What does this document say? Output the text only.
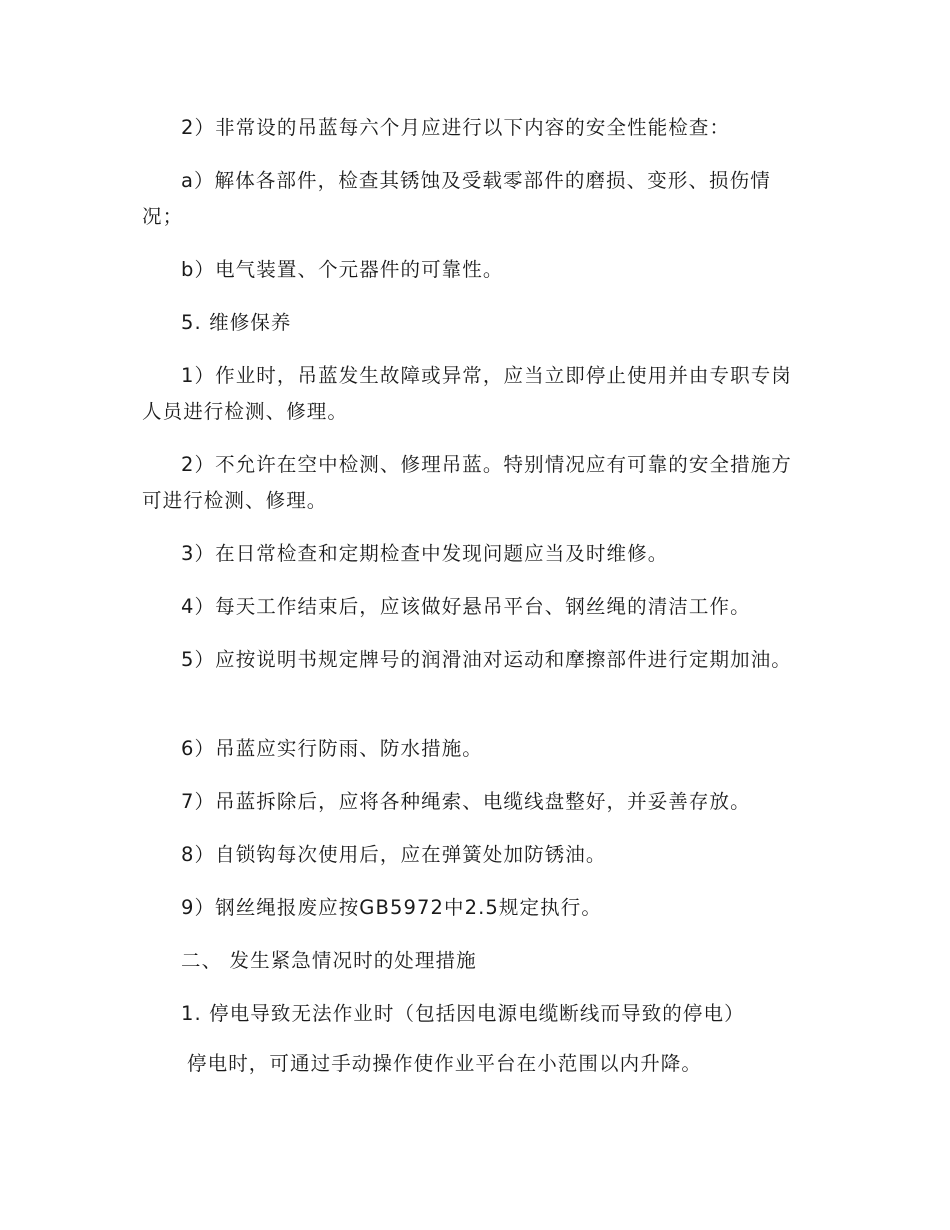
2）非常设的吊蓝每六个月应进行以下内容的安全性能检查：

a）解体各部件，检查其锈蚀及受载零部件的磨损、变形、损伤情况；

b）电气装置、个元器件的可靠性。

5. 维修保养

1）作业时，吊蓝发生故障或异常，应当立即停止使用并由专职专岗人员进行检测、修理。

2）不允许在空中检测、修理吊蓝。特别情况应有可靠的安全措施方可进行检测、修理。

3）在日常检查和定期检查中发现问题应当及时维修。

4）每天工作结束后，应该做好悬吊平台、钢丝绳的清洁工作。

5）应按说明书规定牌号的润滑油对运动和摩擦部件进行定期加油。

6）吊蓝应实行防雨、防水措施。

7）吊蓝拆除后，应将各种绳索、电缆线盘整好，并妥善存放。

8）自锁钩每次使用后，应在弹簧处加防锈油。

9）钢丝绳报废应按GB5972中2.5规定执行。

二、 发生紧急情况时的处理措施

1. 停电导致无法作业时（包括因电源电缆断线而导致的停电）

停电时，可通过手动操作使作业平台在小范围以内升降。
